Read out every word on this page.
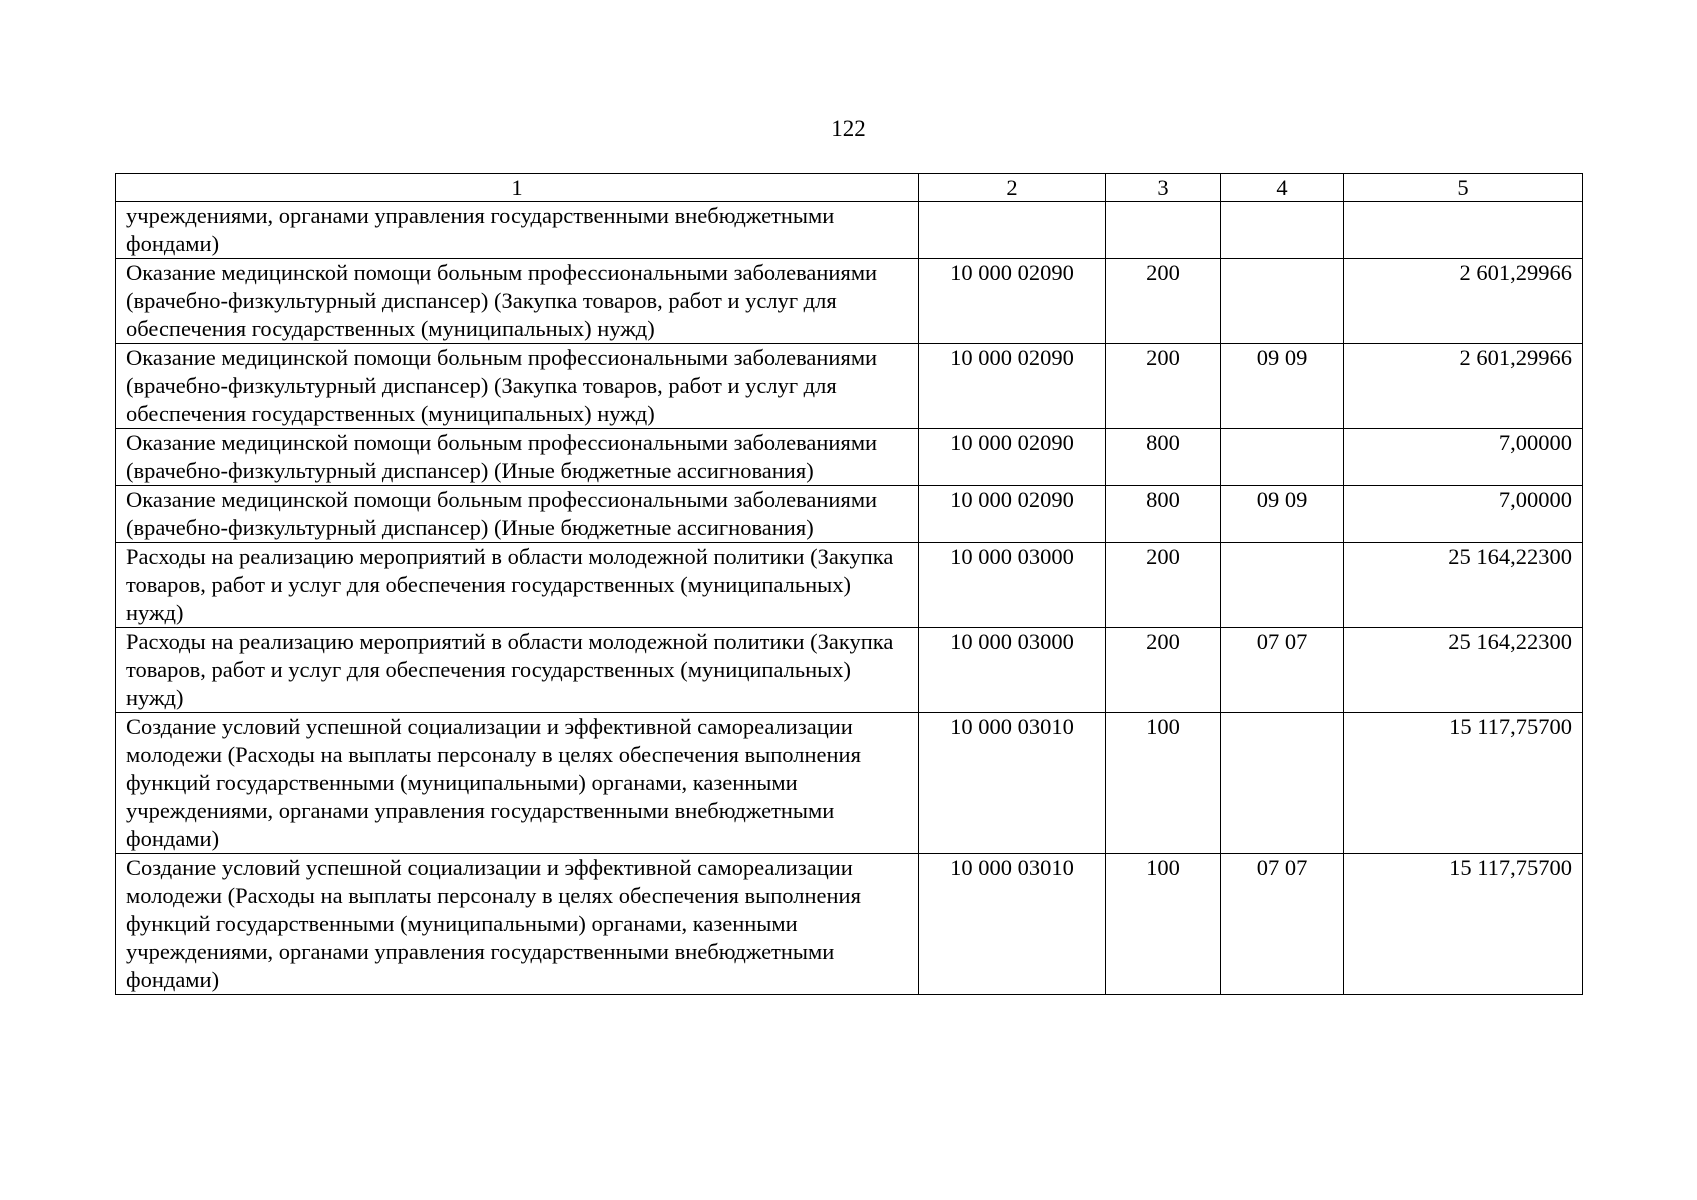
122
1	2	3	4	5
учреждениями, органами управления государственными внебюджетными фондами)				
Оказание медицинской помощи больным профессиональными заболеваниями (врачебно-физкультурный диспансер) (Закупка товаров, работ и услуг для обеспечения государственных (муниципальных) нужд)	10 000 02090	200		2 601,29966
Оказание медицинской помощи больным профессиональными заболеваниями (врачебно-физкультурный диспансер) (Закупка товаров, работ и услуг для обеспечения государственных (муниципальных) нужд)	10 000 02090	200	09 09	2 601,29966
Оказание медицинской помощи больным профессиональными заболеваниями (врачебно-физкультурный диспансер) (Иные бюджетные ассигнования)	10 000 02090	800		7,00000
Оказание медицинской помощи больным профессиональными заболеваниями (врачебно-физкультурный диспансер) (Иные бюджетные ассигнования)	10 000 02090	800	09 09	7,00000
Расходы на реализацию мероприятий в области молодежной политики (Закупка товаров, работ и услуг для обеспечения государственных (муниципальных) нужд)	10 000 03000	200		25 164,22300
Расходы на реализацию мероприятий в области молодежной политики (Закупка товаров, работ и услуг для обеспечения государственных (муниципальных) нужд)	10 000 03000	200	07 07	25 164,22300
Создание условий успешной социализации и эффективной самореализации молодежи (Расходы на выплаты персоналу в целях обеспечения выполнения функций государственными (муниципальными) органами, казенными учреждениями, органами управления государственными внебюджетными фондами)	10 000 03010	100		15 117,75700
Создание условий успешной социализации и эффективной самореализации молодежи (Расходы на выплаты персоналу в целях обеспечения выполнения функций государственными (муниципальными) органами, казенными учреждениями, органами управления государственными внебюджетными фондами)	10 000 03010	100	07 07	15 117,75700
